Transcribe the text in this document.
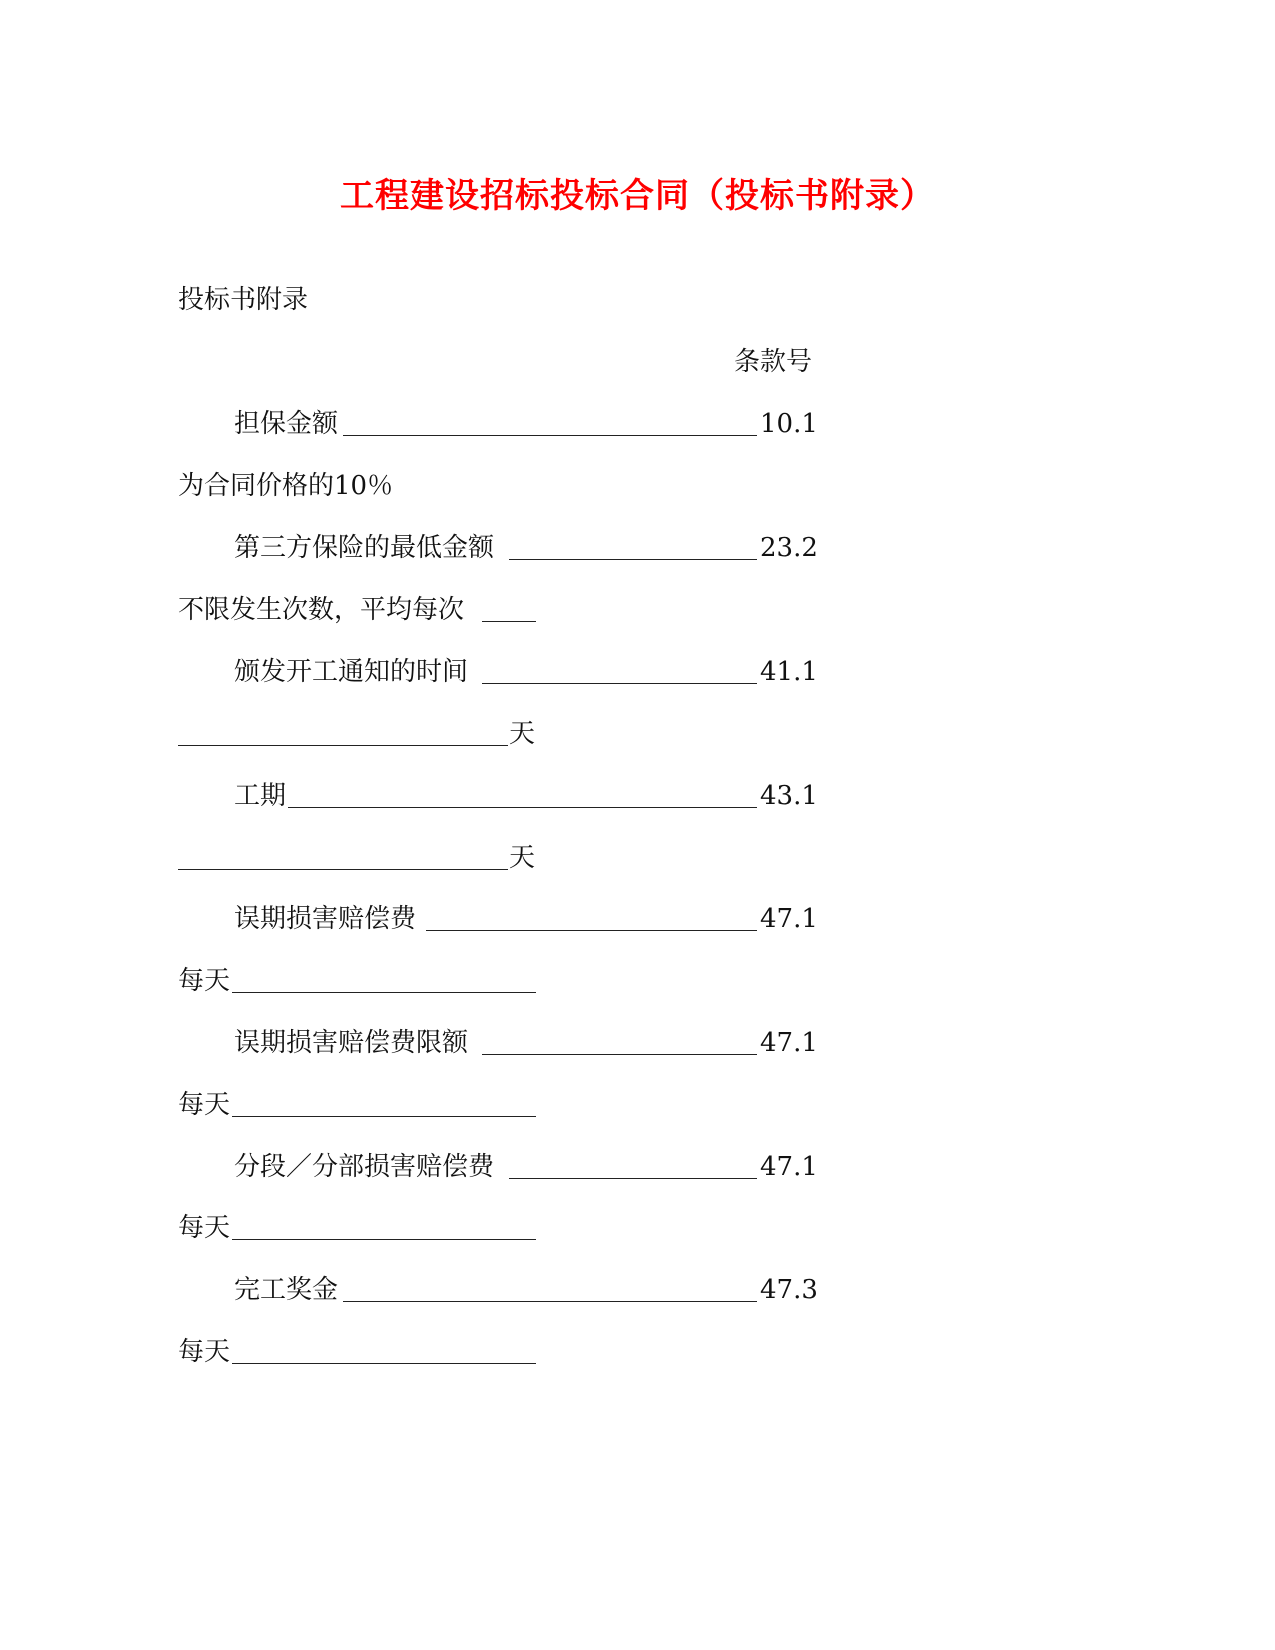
工程建设招标投标合同（投标书附录）
投标书附录
条款号
担保金额	10.1
为合同价格的10％
第三方保险的最低金额	23.2
不限发生次数，平均每次
颁发开工通知的时间	41.1
天
工期	43.1
天
误期损害赔偿费	47.1
每天
误期损害赔偿费限额	47.1
每天
分段／分部损害赔偿费	47.1
每天
完工奖金	47.3
每天
